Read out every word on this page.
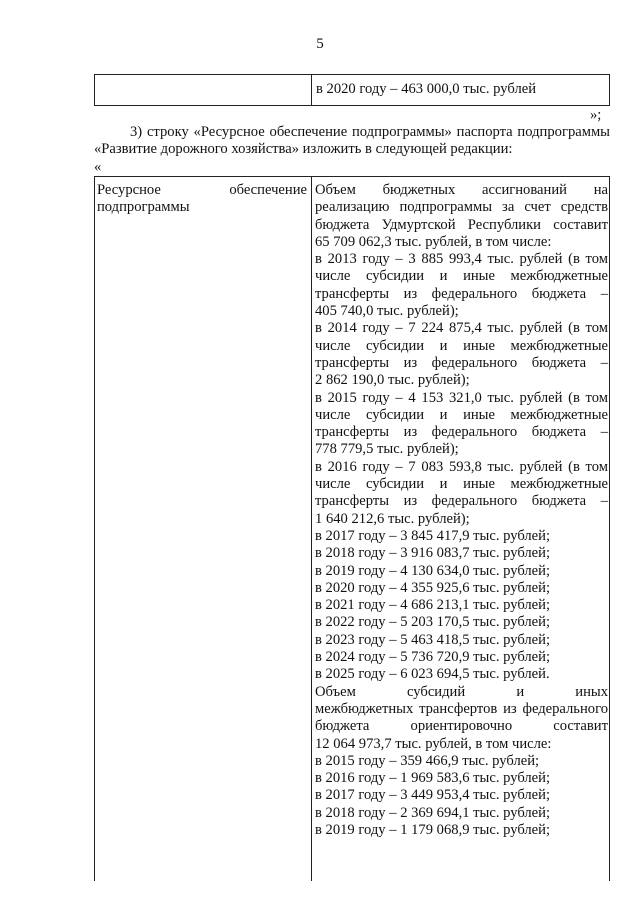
5
в 2020 году – 463 000,0 тыс. рублей
»;
3) строку «Ресурсное обеспечение подпрограммы» паспорта подпрограммы
«Развитие дорожного хозяйства» изложить в следующей редакции:
«
Ресурсное	обеспечение
подпрограммы
Объем бюджетных ассигнований на
реализацию подпрограммы за счет средств
бюджета Удмуртской Республики составит
65 709 062,3 тыс. рублей, в том числе:
в 2013 году – 3 885 993,4 тыс. рублей (в том
числе субсидии и иные межбюджетные
трансферты из федерального бюджета –
405 740,0 тыс. рублей);
в 2014 году – 7 224 875,4 тыс. рублей (в том
числе субсидии и иные межбюджетные
трансферты из федерального бюджета –
2 862 190,0 тыс. рублей);
в 2015 году – 4 153 321,0 тыс. рублей (в том
числе субсидии и иные межбюджетные
трансферты из федерального бюджета –
778 779,5 тыс. рублей);
в 2016 году – 7 083 593,8 тыс. рублей (в том
числе субсидии и иные межбюджетные
трансферты из федерального бюджета –
1 640 212,6 тыс. рублей);
в 2017 году – 3 845 417,9 тыс. рублей;
в 2018 году – 3 916 083,7 тыс. рублей;
в 2019 году – 4 130 634,0 тыс. рублей;
в 2020 году – 4 355 925,6 тыс. рублей;
в 2021 году – 4 686 213,1 тыс. рублей;
в 2022 году – 5 203 170,5 тыс. рублей;
в 2023 году – 5 463 418,5 тыс. рублей;
в 2024 году – 5 736 720,9 тыс. рублей;
в 2025 году – 6 023 694,5 тыс. рублей.
Объем субсидий и иных
межбюджетных трансфертов из федерального
бюджета ориентировочно составит
12 064 973,7 тыс. рублей, в том числе:
в 2015 году – 359 466,9 тыс. рублей;
в 2016 году – 1 969 583,6 тыс. рублей;
в 2017 году – 3 449 953,4 тыс. рублей;
в 2018 году – 2 369 694,1 тыс. рублей;
в 2019 году – 1 179 068,9 тыс. рублей;
